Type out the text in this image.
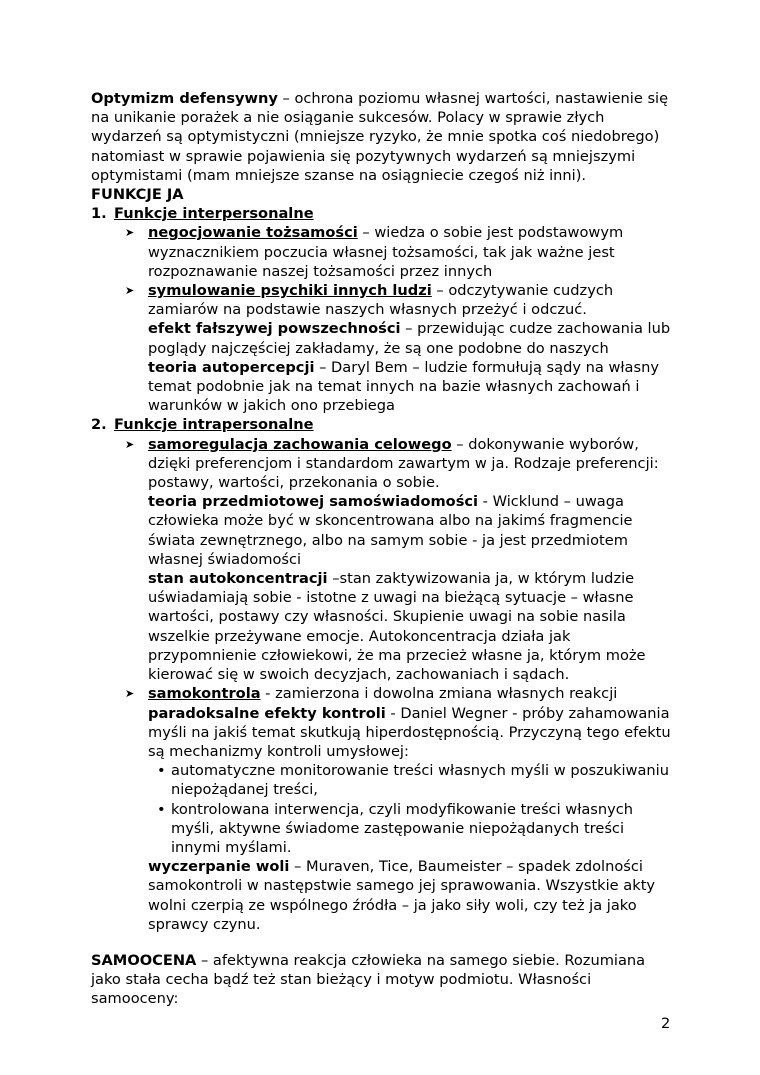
Optymizm defensywny – ochrona poziomu własnej wartości, nastawienie się na unikanie porażek a nie osiąganie sukcesów. Polacy w sprawie złych wydarzeń są optymistyczni (mniejsze ryzyko, że mnie spotka coś niedobrego) natomiast w sprawie pojawienia się pozytywnych wydarzeń są mniejszymi optymistami (mam mniejsze szanse na osiągniecie czegoś niż inni).

FUNKCJE JA

1. Funkcje interpersonalne

➤ negocjowanie tożsamości – wiedza o sobie jest podstawowym wyznacznikiem poczucia własnej tożsamości, tak jak ważne jest rozpoznawanie naszej tożsamości przez innych

➤ symulowanie psychiki innych ludzi – odczytywanie cudzych zamiarów na podstawie naszych własnych przeżyć i odczuć.

efekt fałszywej powszechności – przewidując cudze zachowania lub poglądy najczęściej zakładamy, że są one podobne do naszych

teoria autopercepcji – Daryl Bem – ludzie formułują sądy na własny temat podobnie jak na temat innych na bazie własnych zachowań i warunków w jakich ono przebiega

2. Funkcje intrapersonalne

➤ samoregulacja zachowania celowego – dokonywanie wyborów, dzięki preferencjom i standardom zawartym w ja. Rodzaje preferencji: postawy, wartości, przekonania o sobie.

teoria przedmiotowej samoświadomości - Wicklund – uwaga człowieka może być w skoncentrowana albo na jakimś fragmencie świata zewnętrznego, albo na samym sobie - ja jest przedmiotem własnej świadomości

stan autokoncentracji –stan zaktywizowania ja, w którym ludzie uświadamiają sobie - istotne z uwagi na bieżącą sytuacje – własne wartości, postawy czy własności. Skupienie uwagi na sobie nasila wszelkie przeżywane emocje. Autokoncentracja działa jak przypomnienie człowiekowi, że ma przecież własne ja, którym może kierować się w swoich decyzjach, zachowaniach i sądach.

➤ samokontrola - zamierzona i dowolna zmiana własnych reakcji

paradoksalne efekty kontroli - Daniel Wegner - próby zahamowania myśli na jakiś temat skutkują hiperdostępnością. Przyczyną tego efektu są mechanizmy kontroli umysłowej:

• automatyczne monitorowanie treści własnych myśli w poszukiwaniu niepożądanej treści,

• kontrolowana interwencja, czyli modyfikowanie treści własnych myśli, aktywne świadome zastępowanie niepożądanych treści innymi myślami.

wyczerpanie woli – Muraven, Tice, Baumeister – spadek zdolności samokontroli w następstwie samego jej sprawowania. Wszystkie akty wolni czerpią ze wspólnego źródła – ja jako siły woli, czy też ja jako sprawcy czynu.

SAMOOCENA – afektywna reakcja człowieka na samego siebie. Rozumiana jako stała cecha bądź też stan bieżący i motyw podmiotu. Własności samooceny:

2
